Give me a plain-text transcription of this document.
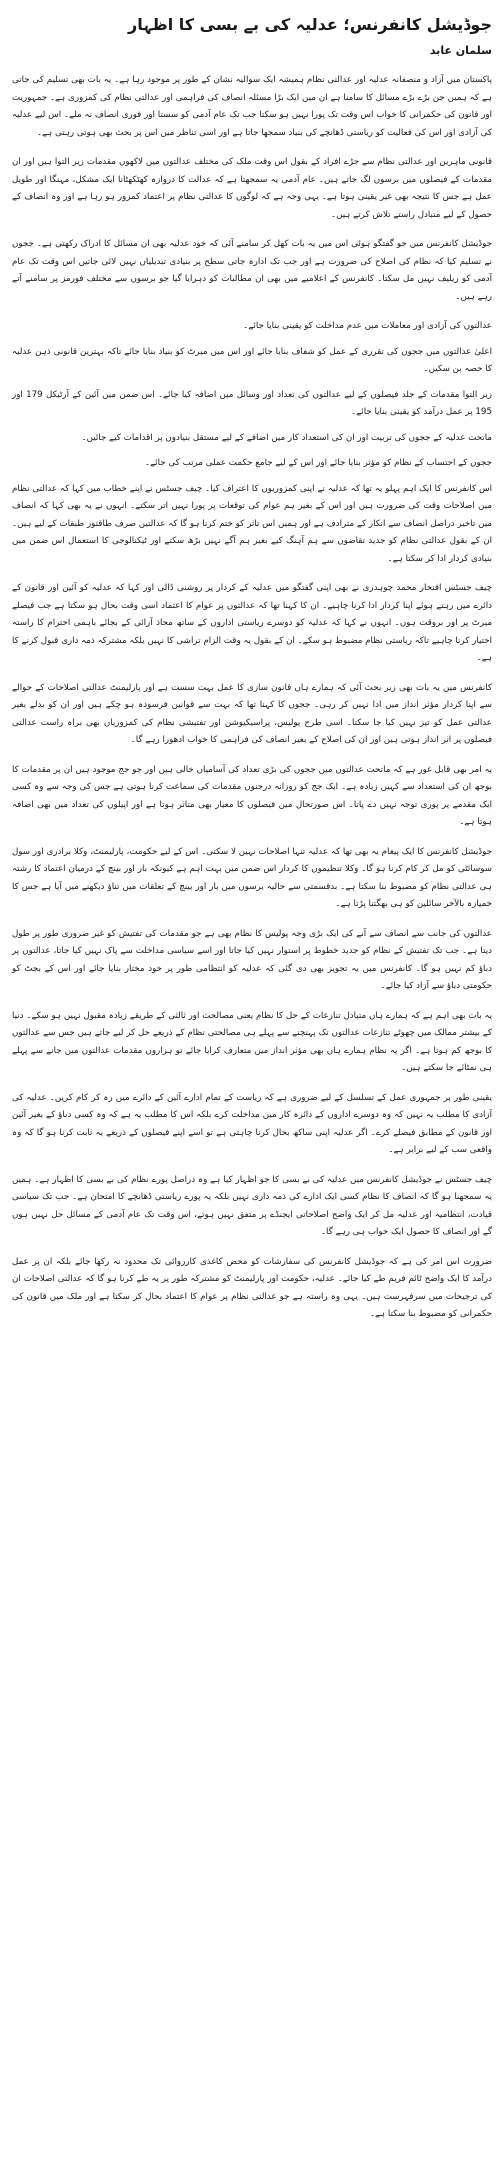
جوڈیشل کانفرنس؛ عدلیہ کی بے بسی کا اظہار
سلمان عابد

پاکستان میں آزاد و منصفانہ عدلیہ اور عدالتی نظام ہمیشہ ایک سوالیہ نشان کے طور پر موجود رہا ہے۔ یہ بات بھی تسلیم کی جاتی ہے کہ ہمیں جن بڑے بڑے مسائل کا سامنا ہے ان میں ایک بڑا مسئلہ انصاف کی فراہمی اور عدالتی نظام کی کمزوری ہے۔ جمہوریت اور قانون کی حکمرانی کا خواب اس وقت تک پورا نہیں ہو سکتا جب تک عام آدمی کو سستا اور فوری انصاف نہ ملے۔ اس لیے عدلیہ کی آزادی اور اس کی فعالیت کو ریاستی ڈھانچے کی بنیاد سمجھا جاتا ہے اور اسی تناظر میں اس پر بحث بھی ہوتی رہتی ہے۔

قانونی ماہرین اور عدالتی نظام سے جڑے افراد کے بقول اس وقت ملک کی مختلف عدالتوں میں لاکھوں مقدمات زیر التوا ہیں اور ان مقدمات کے فیصلوں میں برسوں لگ جاتے ہیں۔ عام آدمی یہ سمجھتا ہے کہ عدالت کا دروازہ کھٹکھٹانا ایک مشکل، مہنگا اور طویل عمل ہے جس کا نتیجہ بھی غیر یقینی ہوتا ہے۔ یہی وجہ ہے کہ لوگوں کا عدالتی نظام پر اعتماد کمزور ہو رہا ہے اور وہ انصاف کے حصول کے لیے متبادل راستے تلاش کرتے ہیں۔

جوڈیشل کانفرنس میں جو گفتگو ہوئی اس میں یہ بات کھل کر سامنے آئی کہ خود عدلیہ بھی ان مسائل کا ادراک رکھتی ہے۔ ججوں نے تسلیم کیا کہ نظام کی اصلاح کی ضرورت ہے اور جب تک ادارہ جاتی سطح پر بنیادی تبدیلیاں نہیں لائی جاتیں اس وقت تک عام آدمی کو ریلیف نہیں مل سکتا۔ کانفرنس کے اعلامیے میں بھی ان مطالبات کو دہرایا گیا جو برسوں سے مختلف فورمز پر سامنے آتے رہے ہیں۔

عدالتوں کی آزادی اور معاملات میں عدم مداخلت کو یقینی بنایا جائے۔

اعلیٰ عدالتوں میں ججوں کی تقرری کے عمل کو شفاف بنایا جائے اور اس میں میرٹ کو بنیاد بنایا جائے تاکہ بہترین قانونی ذہن عدلیہ کا حصہ بن سکیں۔

زیر التوا مقدمات کے جلد فیصلوں کے لیے عدالتوں کی تعداد اور وسائل میں اضافہ کیا جائے۔ اس ضمن میں آئین کے آرٹیکل 179 اور 195 پر عمل درآمد کو یقینی بنایا جائے۔

ماتحت عدلیہ کے ججوں کی تربیت اور ان کی استعداد کار میں اضافے کے لیے مستقل بنیادوں پر اقدامات کیے جائیں۔

ججوں کے احتساب کے نظام کو مؤثر بنایا جائے اور اس کے لیے جامع حکمت عملی مرتب کی جائے۔

اس کانفرنس کا ایک اہم پہلو یہ تھا کہ عدلیہ نے اپنی کمزوریوں کا اعتراف کیا۔ چیف جسٹس نے اپنے خطاب میں کہا کہ عدالتی نظام میں اصلاحات وقت کی ضرورت ہیں اور اس کے بغیر ہم عوام کی توقعات پر پورا نہیں اتر سکتے۔ انہوں نے یہ بھی کہا کہ انصاف میں تاخیر دراصل انصاف سے انکار کے مترادف ہے اور ہمیں اس تاثر کو ختم کرنا ہو گا کہ عدالتیں صرف طاقتور طبقات کے لیے ہیں۔ ان کے بقول عدالتی نظام کو جدید تقاضوں سے ہم آہنگ کیے بغیر ہم آگے نہیں بڑھ سکتے اور ٹیکنالوجی کا استعمال اس ضمن میں بنیادی کردار ادا کر سکتا ہے۔

چیف جسٹس افتخار محمد چوہدری نے بھی اپنی گفتگو میں عدلیہ کے کردار پر روشنی ڈالی اور کہا کہ عدلیہ کو آئین اور قانون کے دائرے میں رہتے ہوئے اپنا کردار ادا کرنا چاہیے۔ ان کا کہنا تھا کہ عدالتوں پر عوام کا اعتماد اسی وقت بحال ہو سکتا ہے جب فیصلے میرٹ پر اور بروقت ہوں۔ انہوں نے کہا کہ عدلیہ کو دوسرے ریاستی اداروں کے ساتھ محاذ آرائی کے بجائے باہمی احترام کا راستہ اختیار کرنا چاہیے تاکہ ریاستی نظام مضبوط ہو سکے۔ ان کے بقول یہ وقت الزام تراشی کا نہیں بلکہ مشترکہ ذمہ داری قبول کرنے کا ہے۔

کانفرنس میں یہ بات بھی زیر بحث آئی کہ ہمارے ہاں قانون سازی کا عمل بہت سست ہے اور پارلیمنٹ عدالتی اصلاحات کے حوالے سے اپنا کردار مؤثر انداز میں ادا نہیں کر رہی۔ ججوں کا کہنا تھا کہ بہت سے قوانین فرسودہ ہو چکے ہیں اور ان کو بدلے بغیر عدالتی عمل کو تیز نہیں کیا جا سکتا۔ اسی طرح پولیس، پراسیکیوشن اور تفتیشی نظام کی کمزوریاں بھی براہ راست عدالتی فیصلوں پر اثر انداز ہوتی ہیں اور ان کی اصلاح کے بغیر انصاف کی فراہمی کا خواب ادھورا رہے گا۔

یہ امر بھی قابل غور ہے کہ ماتحت عدالتوں میں ججوں کی بڑی تعداد کی آسامیاں خالی ہیں اور جو جج موجود ہیں ان پر مقدمات کا بوجھ ان کی استعداد سے کہیں زیادہ ہے۔ ایک جج کو روزانہ درجنوں مقدمات کی سماعت کرنا ہوتی ہے جس کی وجہ سے وہ کسی ایک مقدمے پر پوری توجہ نہیں دے پاتا۔ اس صورتحال میں فیصلوں کا معیار بھی متاثر ہوتا ہے اور اپیلوں کی تعداد میں بھی اضافہ ہوتا ہے۔

جوڈیشل کانفرنس کا ایک پیغام یہ بھی تھا کہ عدلیہ تنہا اصلاحات نہیں لا سکتی۔ اس کے لیے حکومت، پارلیمنٹ، وکلا برادری اور سول سوسائٹی کو مل کر کام کرنا ہو گا۔ وکلا تنظیموں کا کردار اس ضمن میں بہت اہم ہے کیونکہ بار اور بینچ کے درمیان اعتماد کا رشتہ ہی عدالتی نظام کو مضبوط بنا سکتا ہے۔ بدقسمتی سے حالیہ برسوں میں بار اور بینچ کے تعلقات میں تناؤ دیکھنے میں آیا ہے جس کا خمیازہ بالآخر سائلین کو ہی بھگتنا پڑتا ہے۔

عدالتوں کی جانب سے انصاف سے آنے کی ایک بڑی وجہ پولیس کا نظام بھی ہے جو مقدمات کی تفتیش کو غیر ضروری طور پر طول دیتا ہے۔ جب تک تفتیش کے نظام کو جدید خطوط پر استوار نہیں کیا جاتا اور اسے سیاسی مداخلت سے پاک نہیں کیا جاتا، عدالتوں پر دباؤ کم نہیں ہو گا۔ کانفرنس میں یہ تجویز بھی دی گئی کہ عدلیہ کو انتظامی طور پر خود مختار بنایا جائے اور اس کے بجٹ کو حکومتی دباؤ سے آزاد کیا جائے۔

یہ بات بھی اہم ہے کہ ہمارے ہاں متبادل تنازعات کے حل کا نظام یعنی مصالحت اور ثالثی کے طریقے زیادہ مقبول نہیں ہو سکے۔ دنیا کے بیشتر ممالک میں چھوٹے تنازعات عدالتوں تک پہنچنے سے پہلے ہی مصالحتی نظام کے ذریعے حل کر لیے جاتے ہیں جس سے عدالتوں کا بوجھ کم ہوتا ہے۔ اگر یہ نظام ہمارے ہاں بھی مؤثر انداز میں متعارف کرایا جائے تو ہزاروں مقدمات عدالتوں میں جانے سے پہلے ہی نمٹائے جا سکتے ہیں۔

یقینی طور پر جمہوری عمل کے تسلسل کے لیے ضروری ہے کہ ریاست کے تمام ادارے آئین کے دائرے میں رہ کر کام کریں۔ عدلیہ کی آزادی کا مطلب یہ نہیں کہ وہ دوسرے اداروں کے دائرہ کار میں مداخلت کرے بلکہ اس کا مطلب یہ ہے کہ وہ کسی دباؤ کے بغیر آئین اور قانون کے مطابق فیصلے کرے۔ اگر عدلیہ اپنی ساکھ بحال کرنا چاہتی ہے تو اسے اپنے فیصلوں کے ذریعے یہ ثابت کرنا ہو گا کہ وہ واقعی سب کے لیے برابر ہے۔

چیف جسٹس نے جوڈیشل کانفرنس میں عدلیہ کی بے بسی کا جو اظہار کیا ہے وہ دراصل پورے نظام کی بے بسی کا اظہار ہے۔ ہمیں یہ سمجھنا ہو گا کہ انصاف کا نظام کسی ایک ادارے کی ذمہ داری نہیں بلکہ یہ پورے ریاستی ڈھانچے کا امتحان ہے۔ جب تک سیاسی قیادت، انتظامیہ اور عدلیہ مل کر ایک واضح اصلاحاتی ایجنڈے پر متفق نہیں ہوتے، اس وقت تک عام آدمی کے مسائل حل نہیں ہوں گے اور انصاف کا حصول ایک خواب ہی رہے گا۔

ضرورت اس امر کی ہے کہ جوڈیشل کانفرنس کی سفارشات کو محض کاغذی کارروائی تک محدود نہ رکھا جائے بلکہ ان پر عمل درآمد کا ایک واضح ٹائم فریم طے کیا جائے۔ عدلیہ، حکومت اور پارلیمنٹ کو مشترکہ طور پر یہ طے کرنا ہو گا کہ عدالتی اصلاحات ان کی ترجیحات میں سرفہرست ہیں۔ یہی وہ راستہ ہے جو عدالتی نظام پر عوام کا اعتماد بحال کر سکتا ہے اور ملک میں قانون کی حکمرانی کو مضبوط بنا سکتا ہے۔
